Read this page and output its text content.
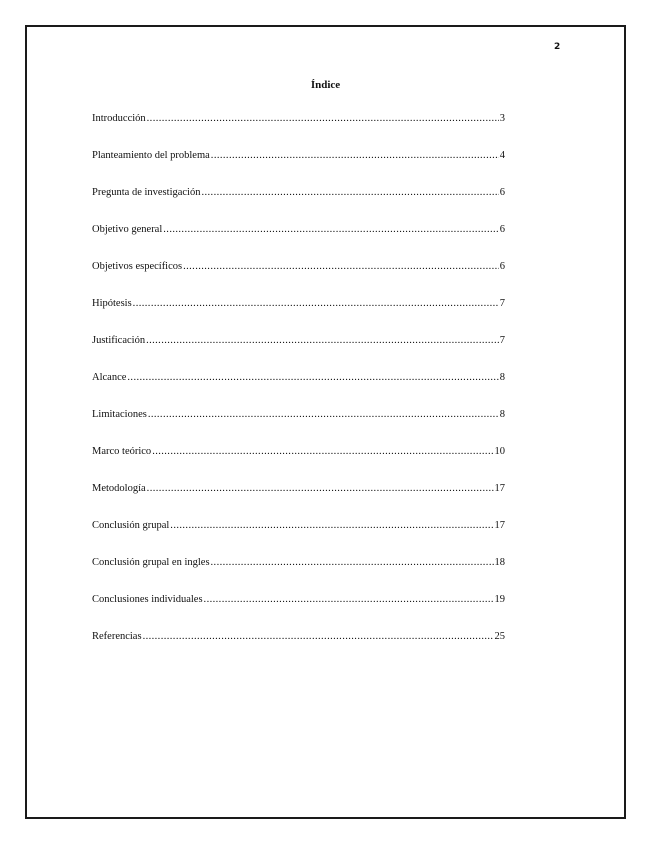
2
Índice
Introducción .....	3
Planteamiento del problema .....	4
Pregunta de investigación .....	6
Objetivo general .....	6
Objetivos específicos .....	6
Hipótesis .....	7
Justificación .....	7
Alcance .....	8
Limitaciones .....	8
Marco teórico .....	10
Metodología .....	17
Conclusión grupal .....	17
Conclusión grupal en ingles .....	18
Conclusiones individuales .....	19
Referencias .....	25
